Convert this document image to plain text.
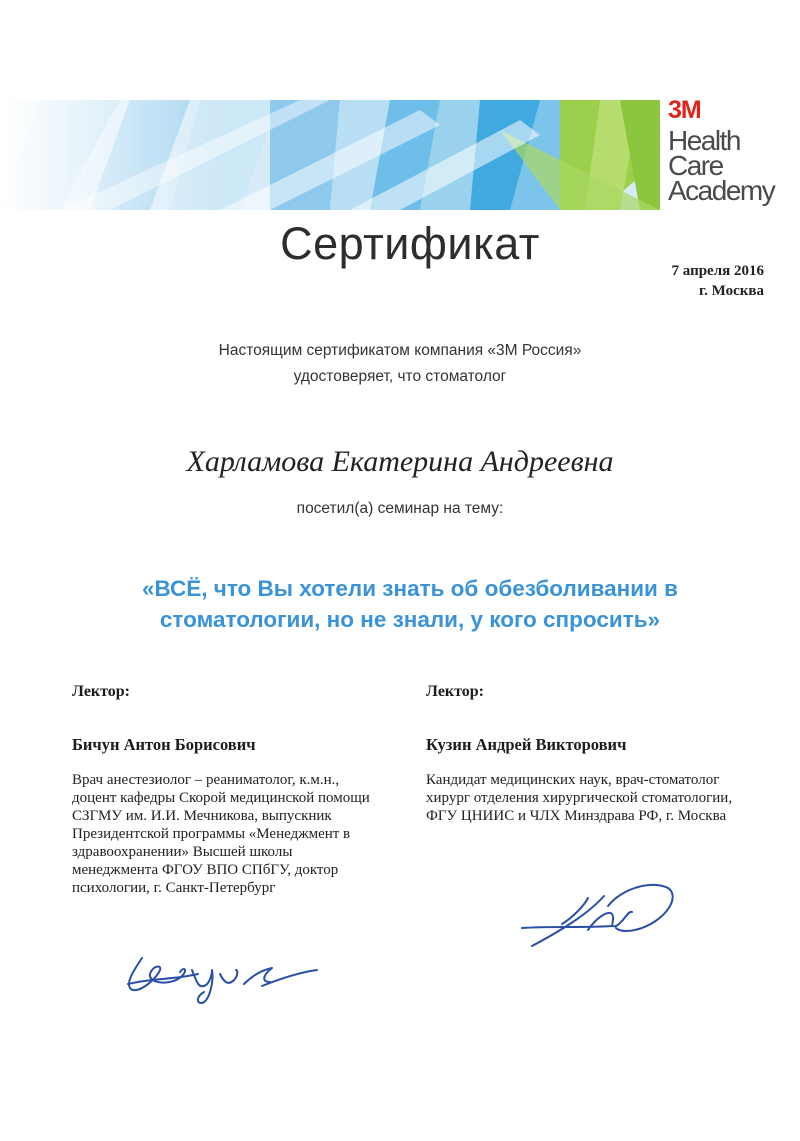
3M
Health
Care
Academy
Сертификат
7 апреля 2016
г. Москва
Настоящим сертификатом компания «3М Россия»
удостоверяет, что стоматолог
Харламова Екатерина Андреевна
посетил(а) семинар на тему:
«ВСЁ, что Вы хотели знать об обезболивании в
стоматологии, но не знали, у кого спросить»
Лектор:
Бичун Антон Борисович
Врач анестезиолог – реаниматолог, к.м.н.,
доцент кафедры Скорой медицинской помощи
СЗГМУ им. И.И. Мечникова, выпускник
Президентской программы «Менеджмент в
здравоохранении» Высшей школы
менеджмента ФГОУ ВПО СПбГУ, доктор
психологии, г. Санкт-Петербург
Лектор:
Кузин Андрей Викторович
Кандидат медицинских наук, врач-стоматолог
хирург отделения хирургической стоматологии,
ФГУ ЦНИИС и ЧЛХ Минздрава РФ, г. Москва
